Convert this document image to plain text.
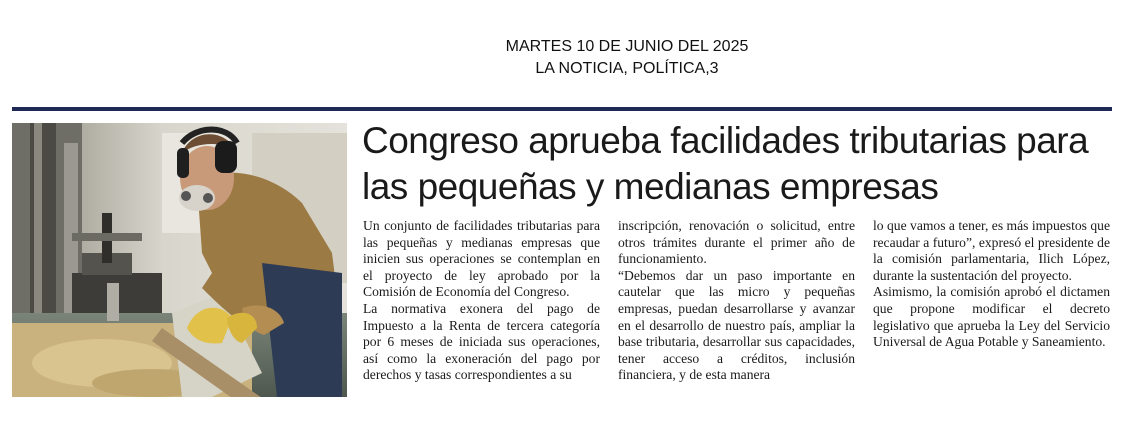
MARTES 10 DE JUNIO DEL 2025
LA NOTICIA, POLÍTICA,3
Congreso aprueba facilidades tributarias para las pequeñas y medianas empresas

Un conjunto de facilidades tributarias para las pequeñas y medianas empresas que inicien sus operaciones se contemplan en el proyecto de ley aprobado por la Comisión de Economía del Congreso.

La normativa exonera del pago de Impuesto a la Renta de tercera categoría por 6 meses de iniciada sus operaciones, así como la exoneración del pago por derechos y tasas correspondientes a su

inscripción, renovación o solicitud, entre otros trámites durante el primer año de funcionamiento.

“Debemos dar un paso importante en cautelar que las micro y pequeñas empresas, puedan desarrollarse y avanzar en el desarrollo de nuestro país, ampliar la base tributaria, desarrollar sus capacidades, tener acceso a créditos, inclusión financiera, y de esta manera

lo que vamos a tener, es más impuestos que recaudar a futuro”, expresó el presidente de la comisión parlamentaria, Ilich López, durante la sustentación del proyecto.

Asimismo, la comisión aprobó el dictamen que propone modificar el decreto legislativo que aprueba la Ley del Servicio Universal de Agua Potable y Saneamiento.
